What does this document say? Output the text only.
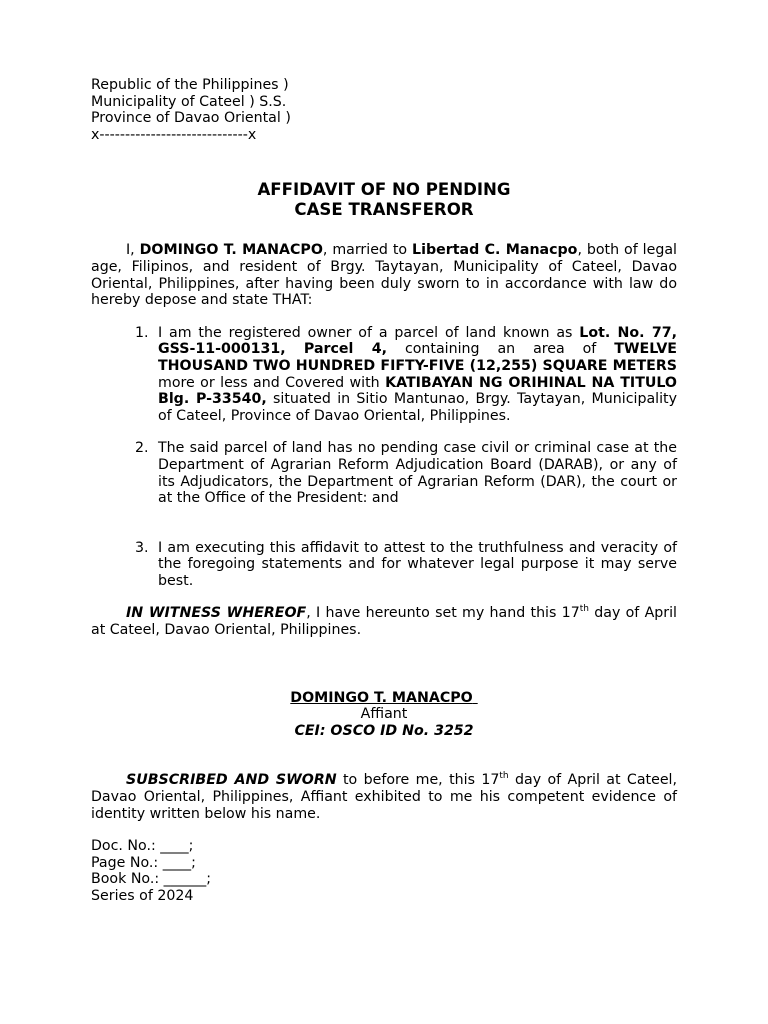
Republic of the Philippines )
Municipality of Cateel ) S.S.
Province of Davao Oriental )
x-----------------------------x
AFFIDAVIT OF NO PENDING
CASE TRANSFEROR

I, DOMINGO T. MANACPO, married to Libertad C. Manacpo, both of legal age, Filipinos, and resident of Brgy. Taytayan, Municipality of Cateel, Davao Oriental, Philippines, after having been duly sworn to in accordance with law do hereby depose and state THAT:

1. I am the registered owner of a parcel of land known as Lot. No. 77, GSS-11-000131, Parcel 4, containing an area of TWELVE THOUSAND TWO HUNDRED FIFTY-FIVE (12,255) SQUARE METERS more or less and Covered with KATIBAYAN NG ORIHINAL NA TITULO Blg. P-33540, situated in Sitio Mantunao, Brgy. Taytayan, Municipality of Cateel, Province of Davao Oriental, Philippines.
2. The said parcel of land has no pending case civil or criminal case at the Department of Agrarian Reform Adjudication Board (DARAB), or any of its Adjudicators, the Department of Agrarian Reform (DAR), the court or at the Office of the President: and
3. I am executing this affidavit to attest to the truthfulness and veracity of the foregoing statements and for whatever legal purpose it may serve best.

IN WITNESS WHEREOF, I have hereunto set my hand this 17th day of April at Cateel, Davao Oriental, Philippines.

DOMINGO T. MANACPO
Affiant
CEI: OSCO ID No. 3252

SUBSCRIBED AND SWORN to before me, this 17th day of April at Cateel, Davao Oriental, Philippines, Affiant exhibited to me his competent evidence of identity written below his name.

Doc. No.: ____;
Page No.: ____;
Book No.: ______;
Series of 2024
